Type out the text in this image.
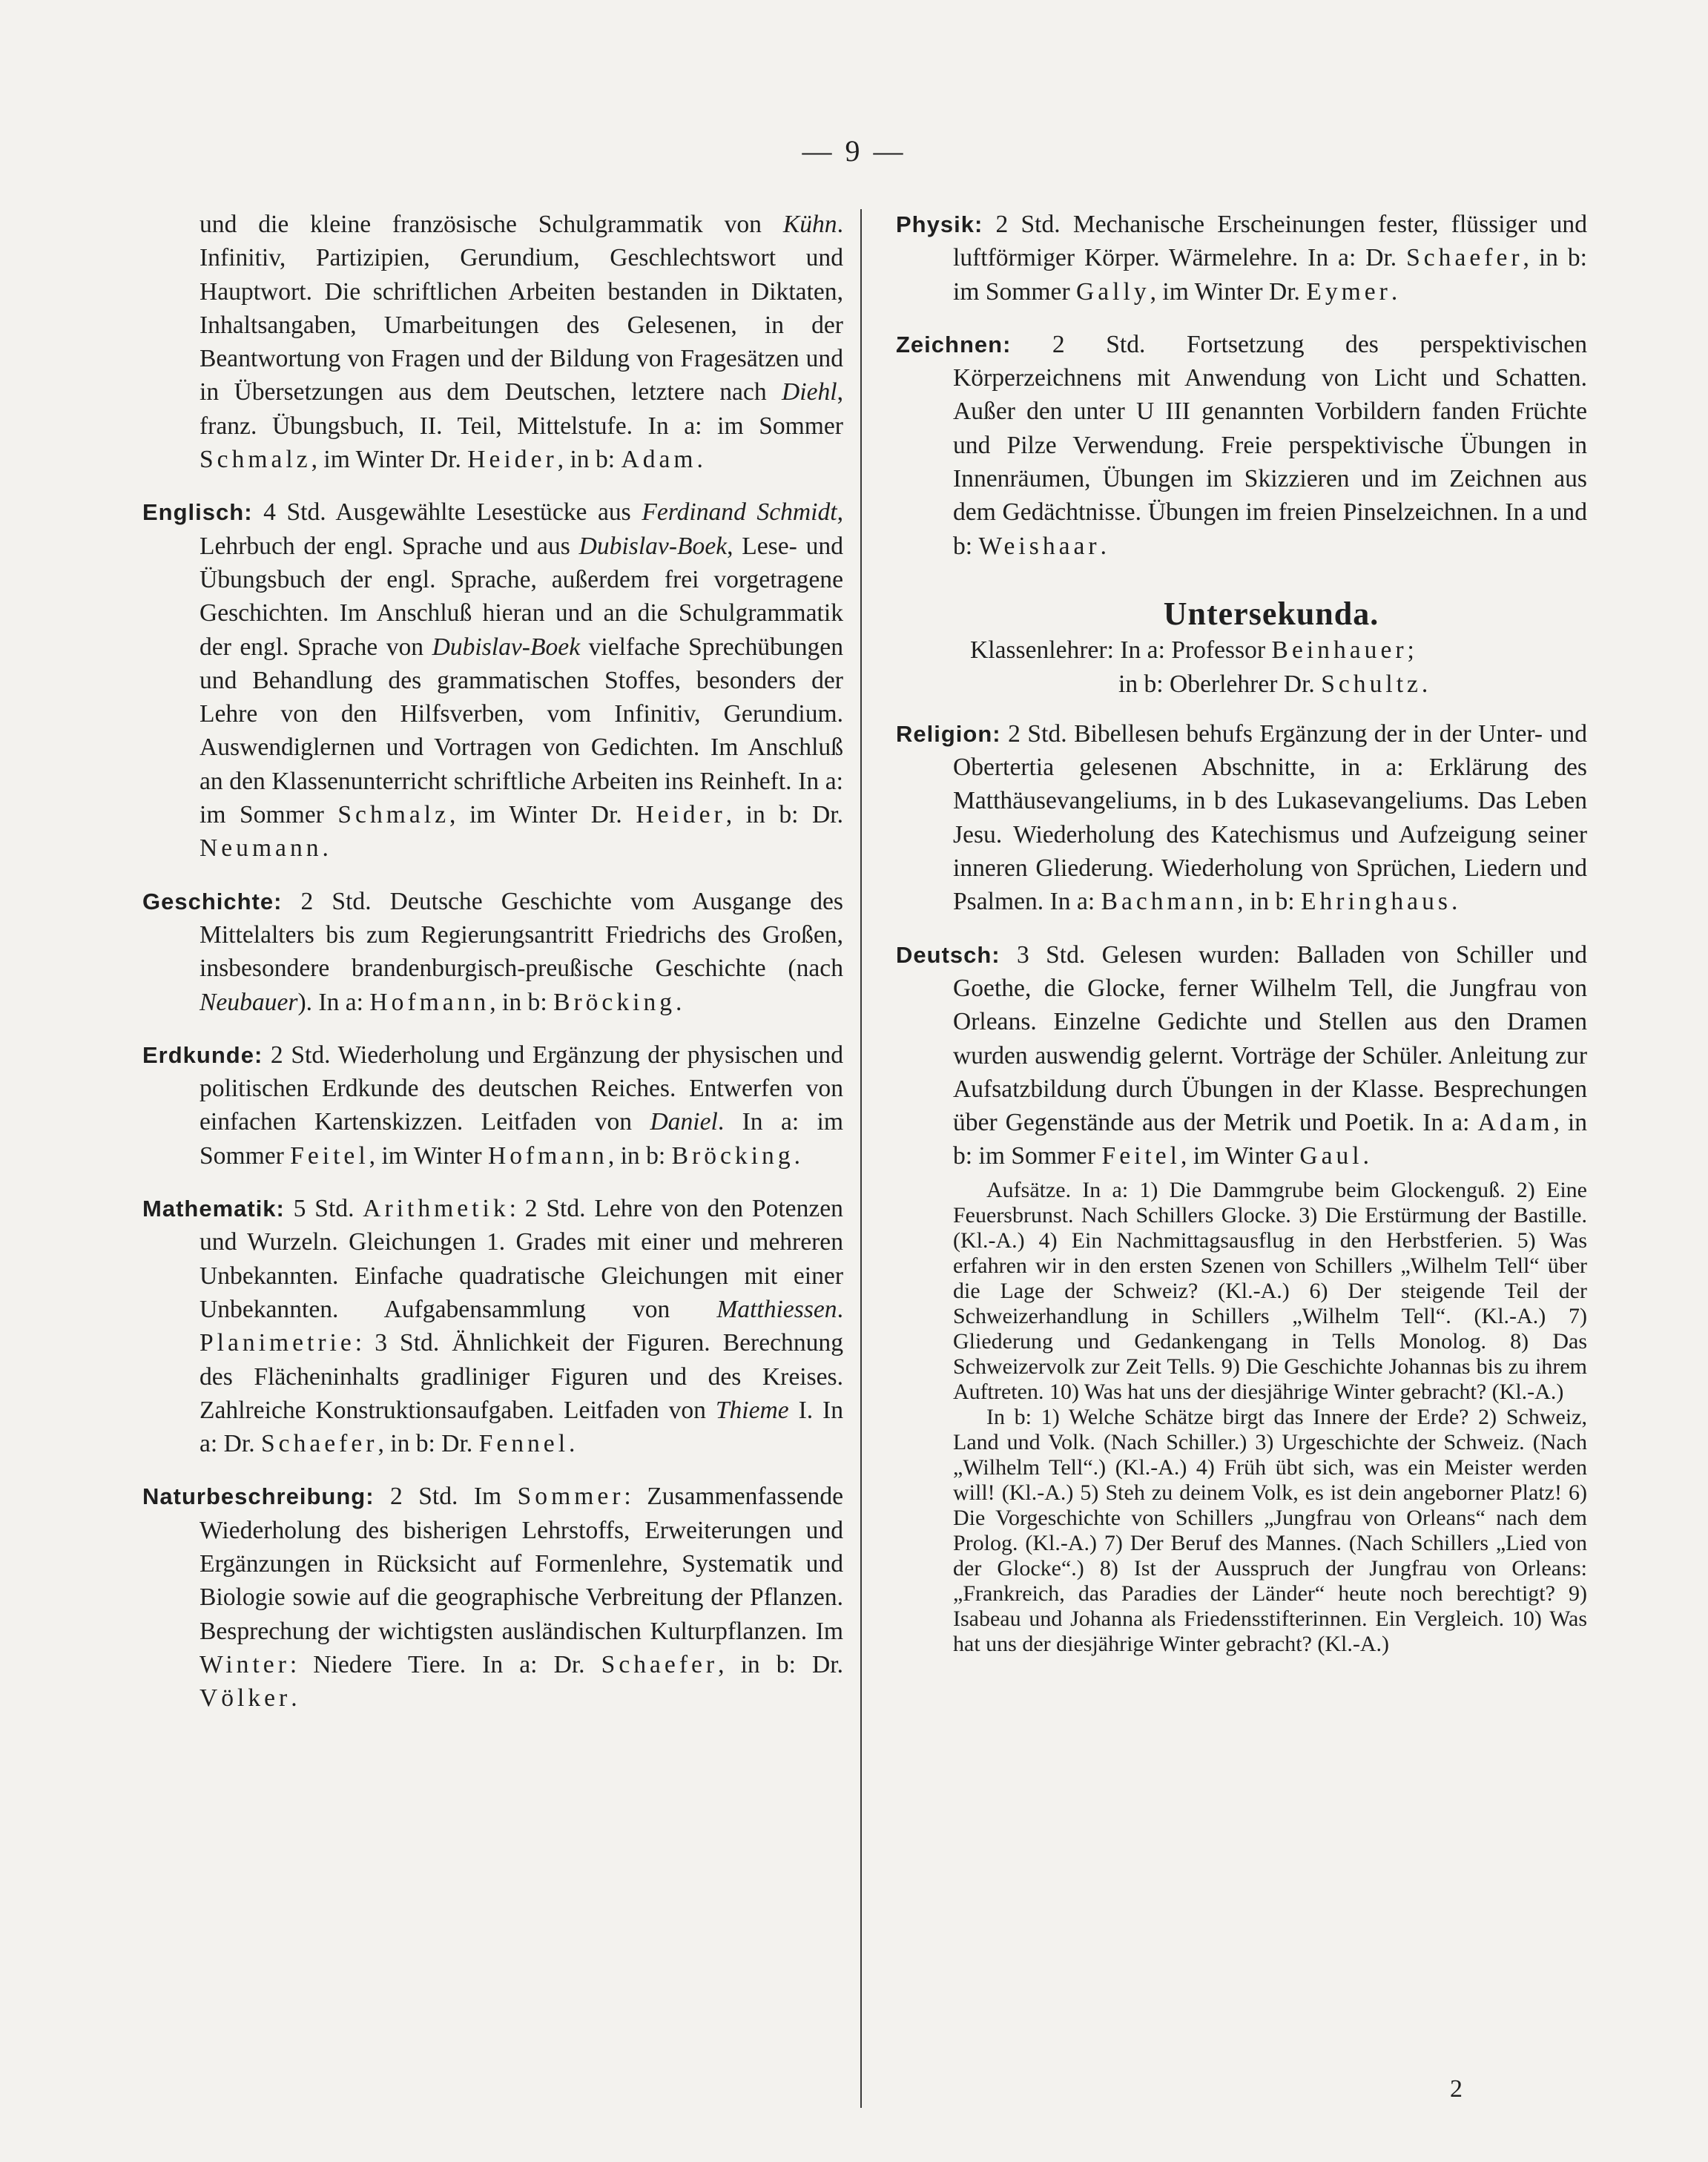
— 9 —

und die kleine französische Schulgrammatik von Kühn. Infinitiv, Partizipien, Gerundium, Geschlechtswort und Hauptwort. Die schriftlichen Arbeiten bestanden in Diktaten, Inhaltsangaben, Umarbeitungen des Gelesenen, in der Beantwortung von Fragen und der Bildung von Fragesätzen und in Übersetzungen aus dem Deutschen, letztere nach Diehl, franz. Übungsbuch, II. Teil, Mittelstufe. In a: im Sommer Schmalz, im Winter Dr. Heider, in b: Adam.

Englisch: 4 Std. Ausgewählte Lesestücke aus Ferdinand Schmidt, Lehrbuch der engl. Sprache und aus Dubislav-Boek, Lese- und Übungsbuch der engl. Sprache, außerdem frei vorgetragene Geschichten. Im Anschluß hieran und an die Schulgrammatik der engl. Sprache von Dubislav-Boek vielfache Sprechübungen und Behandlung des grammatischen Stoffes, besonders der Lehre von den Hilfsverben, vom Infinitiv, Gerundium. Auswendiglernen und Vortragen von Gedichten. Im Anschluß an den Klassenunterricht schriftliche Arbeiten ins Reinheft. In a: im Sommer Schmalz, im Winter Dr. Heider, in b: Dr. Neumann.

Geschichte: 2 Std. Deutsche Geschichte vom Ausgange des Mittelalters bis zum Regierungsantritt Friedrichs des Großen, insbesondere brandenburgisch-preußische Geschichte (nach Neubauer). In a: Hofmann, in b: Bröcking.

Erdkunde: 2 Std. Wiederholung und Ergänzung der physischen und politischen Erdkunde des deutschen Reiches. Entwerfen von einfachen Kartenskizzen. Leitfaden von Daniel. In a: im Sommer Feitel, im Winter Hofmann, in b: Bröcking.

Mathematik: 5 Std. Arithmetik: 2 Std. Lehre von den Potenzen und Wurzeln. Gleichungen 1. Grades mit einer und mehreren Unbekannten. Einfache quadratische Gleichungen mit einer Unbekannten. Aufgabensammlung von Matthiessen. Planimetrie: 3 Std. Ähnlichkeit der Figuren. Berechnung des Flächeninhalts gradliniger Figuren und des Kreises. Zahlreiche Konstruktionsaufgaben. Leitfaden von Thieme I. In a: Dr. Schaefer, in b: Dr. Fennel.

Naturbeschreibung: 2 Std. Im Sommer: Zusammenfassende Wiederholung des bisherigen Lehrstoffs, Erweiterungen und Ergänzungen in Rücksicht auf Formenlehre, Systematik und Biologie sowie auf die geographische Verbreitung der Pflanzen. Besprechung der wichtigsten ausländischen Kulturpflanzen. Im Winter: Niedere Tiere. In a: Dr. Schaefer, in b: Dr. Völker.

Physik: 2 Std. Mechanische Erscheinungen fester, flüssiger und luftförmiger Körper. Wärmelehre. In a: Dr. Schaefer, in b: im Sommer Gally, im Winter Dr. Eymer.

Zeichnen: 2 Std. Fortsetzung des perspektivischen Körperzeichnens mit Anwendung von Licht und Schatten. Außer den unter U III genannten Vorbildern fanden Früchte und Pilze Verwendung. Freie perspektivische Übungen in Innenräumen, Übungen im Skizzieren und im Zeichnen aus dem Gedächtnisse. Übungen im freien Pinselzeichnen. In a und b: Weishaar.

Untersekunda.
Klassenlehrer: In a: Professor Beinhauer;
in b: Oberlehrer Dr. Schultz.

Religion: 2 Std. Bibellesen behufs Ergänzung der in der Unter- und Obertertia gelesenen Abschnitte, in a: Erklärung des Matthäusevangeliums, in b des Lukasevangeliums. Das Leben Jesu. Wiederholung des Katechismus und Aufzeigung seiner inneren Gliederung. Wiederholung von Sprüchen, Liedern und Psalmen. In a: Bachmann, in b: Ehringhaus.

Deutsch: 3 Std. Gelesen wurden: Balladen von Schiller und Goethe, die Glocke, ferner Wilhelm Tell, die Jungfrau von Orleans. Einzelne Gedichte und Stellen aus den Dramen wurden auswendig gelernt. Vorträge der Schüler. Anleitung zur Aufsatzbildung durch Übungen in der Klasse. Besprechungen über Gegenstände aus der Metrik und Poetik. In a: Adam, in b: im Sommer Feitel, im Winter Gaul.

Aufsätze. In a: 1) Die Dammgrube beim Glockenguß. 2) Eine Feuersbrunst. Nach Schillers Glocke. 3) Die Erstürmung der Bastille. (Kl.-A.) 4) Ein Nachmittagsausflug in den Herbstferien. 5) Was erfahren wir in den ersten Szenen von Schillers „Wilhelm Tell“ über die Lage der Schweiz? (Kl.-A.) 6) Der steigende Teil der Schweizerhandlung in Schillers „Wilhelm Tell“. (Kl.-A.) 7) Gliederung und Gedankengang in Tells Monolog. 8) Das Schweizervolk zur Zeit Tells. 9) Die Geschichte Johannas bis zu ihrem Auftreten. 10) Was hat uns der diesjährige Winter gebracht? (Kl.-A.)

In b: 1) Welche Schätze birgt das Innere der Erde? 2) Schweiz, Land und Volk. (Nach Schiller.) 3) Urgeschichte der Schweiz. (Nach „Wilhelm Tell“.) (Kl.-A.) 4) Früh übt sich, was ein Meister werden will! (Kl.-A.) 5) Steh zu deinem Volk, es ist dein angeborner Platz! 6) Die Vorgeschichte von Schillers „Jungfrau von Orleans“ nach dem Prolog. (Kl.-A.) 7) Der Beruf des Mannes. (Nach Schillers „Lied von der Glocke“.) 8) Ist der Ausspruch der Jungfrau von Orleans: „Frankreich, das Paradies der Länder“ heute noch berechtigt? 9) Isabeau und Johanna als Friedensstifterinnen. Ein Vergleich. 10) Was hat uns der diesjährige Winter gebracht? (Kl.-A.)

2
